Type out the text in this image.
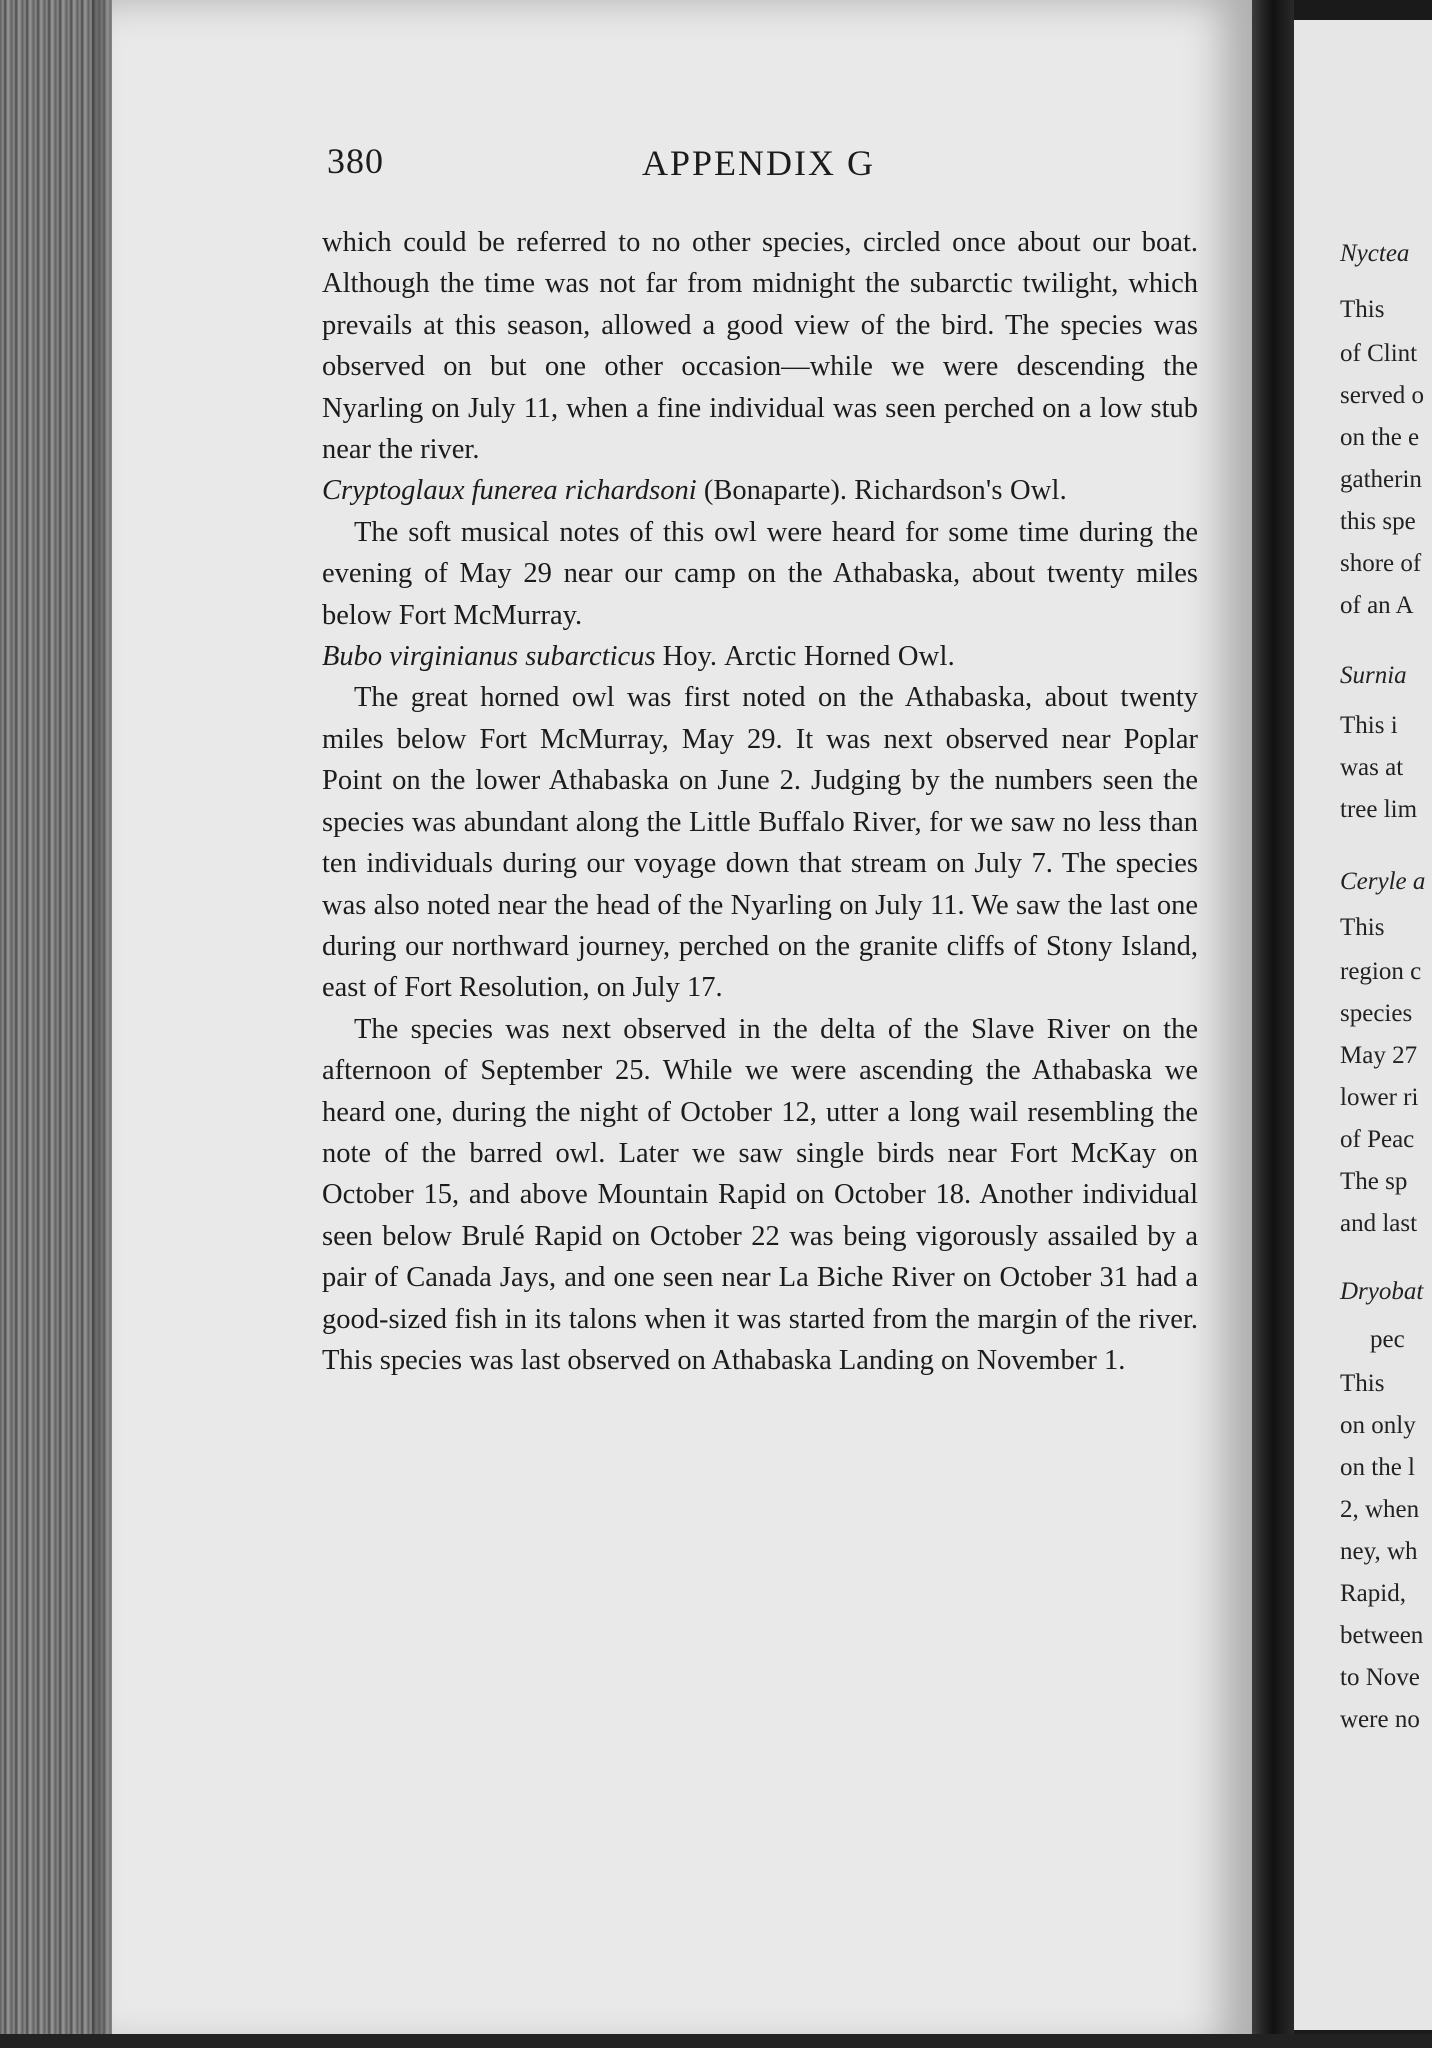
380	APPENDIX G

which could be referred to no other species, circled once about our boat. Although the time was not far from midnight the subarctic twilight, which prevails at this season, allowed a good view of the bird. The species was observed on but one other occasion—while we were descending the Nyarling on July 11, when a fine individual was seen perched on a low stub near the river.

Cryptoglaux funerea richardsoni (Bonaparte). Richardson's Owl.

The soft musical notes of this owl were heard for some time during the evening of May 29 near our camp on the Athabaska, about twenty miles below Fort McMurray.

Bubo virginianus subarcticus Hoy. Arctic Horned Owl.

The great horned owl was first noted on the Athabaska, about twenty miles below Fort McMurray, May 29. It was next observed near Poplar Point on the lower Athabaska on June 2. Judging by the numbers seen the species was abundant along the Little Buffalo River, for we saw no less than ten individuals during our voyage down that stream on July 7. The species was also noted near the head of the Nyarling on July 11. We saw the last one during our northward journey, perched on the granite cliffs of Stony Island, east of Fort Resolution, on July 17.

The species was next observed in the delta of the Slave River on the afternoon of September 25. While we were ascending the Athabaska we heard one, during the night of October 12, utter a long wail resembling the note of the barred owl. Later we saw single birds near Fort McKay on October 15, and above Mountain Rapid on October 18. Another individual seen below Brulé Rapid on October 22 was being vigorously assailed by a pair of Canada Jays, and one seen near La Biche River on October 31 had a good-sized fish in its talons when it was started from the margin of the river. This species was last observed on Athabaska Landing on November 1.

Nyctea
This
of Clint
served o
on the e
gatherin
this spe
shore of
of an A
Surnia
This i
was at
tree lim
Ceryle a
This
region c
species
May 27
lower ri
of Peac
The sp
and last
Dryobat
pec
This
on only
on the l
2, when
ney, wh
Rapid,
between
to Nove
were no
